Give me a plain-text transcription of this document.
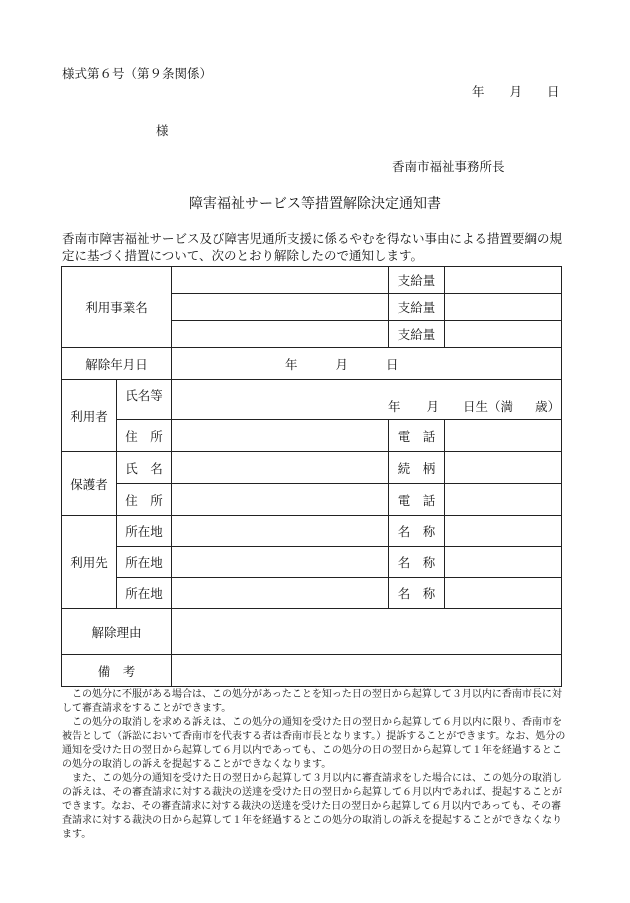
様式第６号（第９条関係）
年 月 日
様
香南市福祉事務所長
障害福祉サービス等措置解除決定通知書
香南市障害福祉サービス及び障害児通所支援に係るやむを得ない事由による措置要綱の規定に基づく措置について、次のとおり解除したので通知します。
利用事業名			支給量	
			支給量	
			支給量	
解除年月日		年 月 日		
利用者	氏名等	年 月 日生（満 歳）		

	住　所		電　話	
保護者	氏　名		続　柄	
	住　所		電　話	
利用先	所在地		名　称	
	所在地		名　称	
	所在地		名　称	
解除理由				
備　考				

この処分に不服がある場合は、この処分があったことを知った日の翌日から起算して３月以内に香南市長に対して審査請求をすることができます。

この処分の取消しを求める訴えは、この処分の通知を受けた日の翌日から起算して６月以内に限り、香南市を被告として（訴訟において香南市を代表する者は香南市長となります。）提訴することができます。なお、処分の通知を受けた日の翌日から起算して６月以内であっても、この処分の日の翌日から起算して１年を経過するとこの処分の取消しの訴えを提起することができなくなります。

また、この処分の通知を受けた日の翌日から起算して３月以内に審査請求をした場合には、この処分の取消しの訴えは、その審査請求に対する裁決の送達を受けた日の翌日から起算して６月以内であれば、提起することができます。なお、その審査請求に対する裁決の送達を受けた日の翌日から起算して６月以内であっても、その審査請求に対する裁決の日から起算して１年を経過するとこの処分の取消しの訴えを提起することができなくなります。
